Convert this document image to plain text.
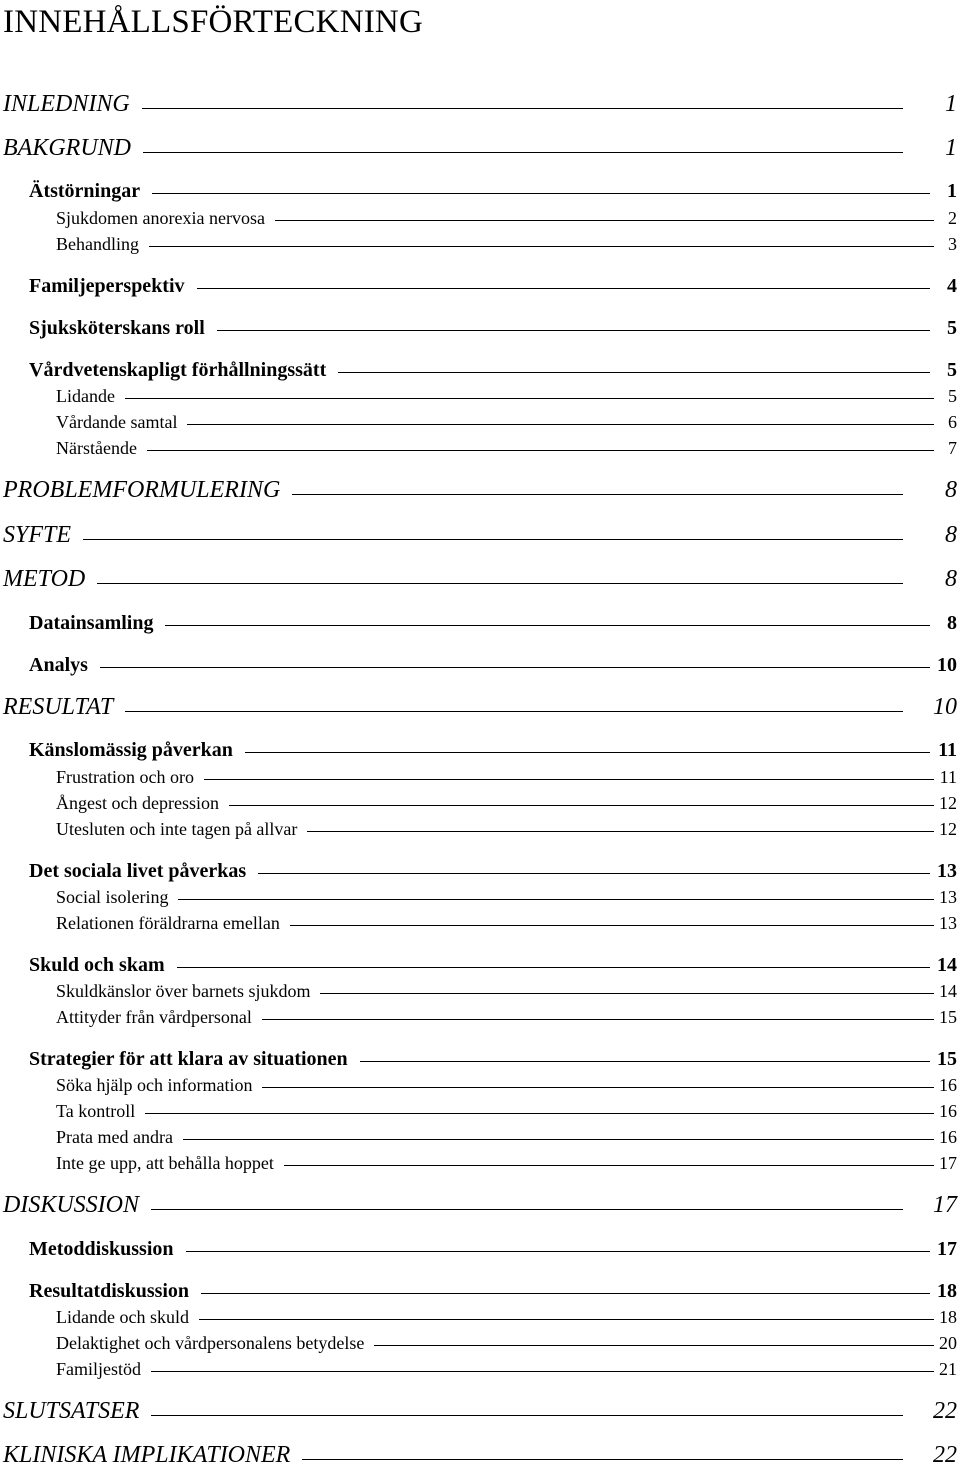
INNEHÅLLSFÖRTECKNING
INLEDNING	1
BAKGRUND	1
Ätstörningar	1
Sjukdomen anorexia nervosa	2
Behandling	3
Familjeperspektiv	4
Sjuksköterskans roll	5
Vårdvetenskapligt förhållningssätt	5
Lidande	5
Vårdande samtal	6
Närstående	7
PROBLEMFORMULERING	8
SYFTE	8
METOD	8
Datainsamling	8
Analys	10
RESULTAT	10
Känslomässig påverkan	11
Frustration och oro	11
Ångest och depression	12
Utesluten och inte tagen på allvar	12
Det sociala livet påverkas	13
Social isolering	13
Relationen föräldrarna emellan	13
Skuld och skam	14
Skuldkänslor över barnets sjukdom	14
Attityder från vårdpersonal	15
Strategier för att klara av situationen	15
Söka hjälp och information	16
Ta kontroll	16
Prata med andra	16
Inte ge upp, att behålla hoppet	17
DISKUSSION	17
Metoddiskussion	17
Resultatdiskussion	18
Lidande och skuld	18
Delaktighet och vårdpersonalens betydelse	20
Familjestöd	21
SLUTSATSER	22
KLINISKA IMPLIKATIONER	22
